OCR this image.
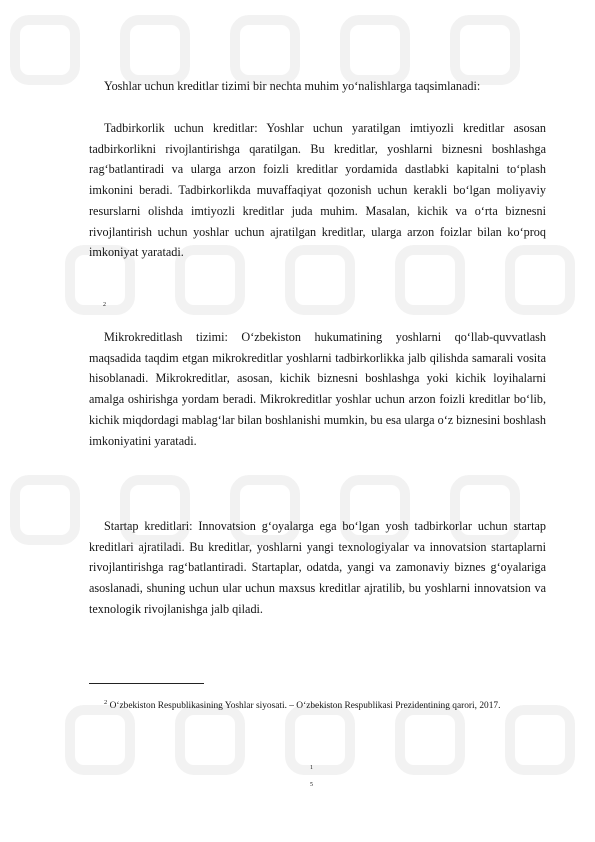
Yoshlar uchun kreditlar tizimi bir nechta muhim yo‘nalishlarga taqsimlanadi:

Tadbirkorlik uchun kreditlar: Yoshlar uchun yaratilgan imtiyozli kreditlar asosan tadbirkorlikni rivojlantirishga qaratilgan. Bu kreditlar, yoshlarni biznesni boshlashga rag‘batlantiradi va ularga arzon foizli kreditlar yordamida dastlabki kapitalni to‘plash imkonini beradi. Tadbirkorlikda muvaffaqiyat qozonish uchun kerakli bo‘lgan moliyaviy resurslarni olishda imtiyozli kreditlar juda muhim. Masalan, kichik va o‘rta biznesni rivojlantirish uchun yoshlar uchun ajratilgan kreditlar, ularga arzon foizlar bilan ko‘proq imkoniyat yaratadi.

2

Mikrokreditlash tizimi: O‘zbekiston hukumatining yoshlarni qo‘llab-quvvatlash maqsadida taqdim etgan mikrokreditlar yoshlarni tadbirkorlikka jalb qilishda samarali vosita hisoblanadi. Mikrokreditlar, asosan, kichik biznesni boshlashga yoki kichik loyihalarni amalga oshirishga yordam beradi. Mikrokreditlar yoshlar uchun arzon foizli kreditlar bo‘lib, kichik miqdordagi mablag‘lar bilan boshlanishi mumkin, bu esa ularga o‘z biznesini boshlash imkoniyatini yaratadi.

Startap kreditlari: Innovatsion g‘oyalarga ega bo‘lgan yosh tadbirkorlar uchun startap kreditlari ajratiladi. Bu kreditlar, yoshlarni yangi texnologiyalar va innovatsion startaplarni rivojlantirishga rag‘batlantiradi. Startaplar, odatda, yangi va zamonaviy biznes g‘oyalariga asoslanadi, shuning uchun ular uchun maxsus kreditlar ajratilib, bu yoshlarni innovatsion va texnologik rivojlanishga jalb qiladi.

$^2$ O‘zbekiston Respublikasining Yoshlar siyosati. – O‘zbekiston Respublikasi Prezidentining qarori, 2017.

1
5
